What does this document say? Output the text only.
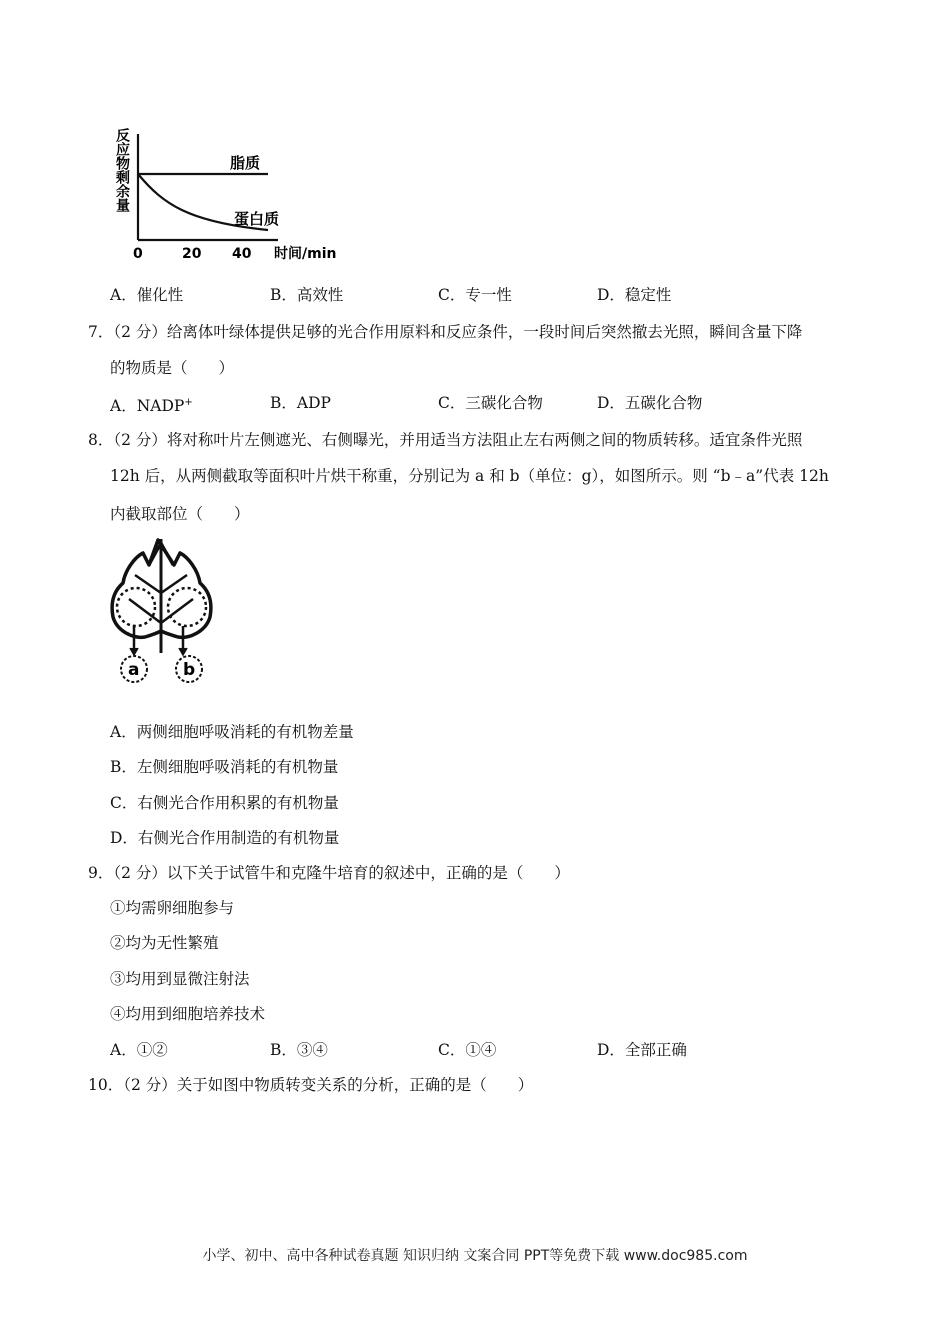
反应物剩余量	脂质
蛋白质
0	20 40 时间/min
A．催化性	B．高效性	C．专一性	D．稳定性
7．（2 分）给离体叶绿体提供足够的光合作用原料和反应条件，一段时间后突然撤去光照，瞬间含量下降
的物质是（　　）
A．NADP+	B．ADP	C．三碳化合物	D．五碳化合物
8．（2 分）将对称叶片左侧遮光、右侧曝光，并用适当方法阻止左右两侧之间的物质转移。适宜条件光照
12h 后，从两侧截取等面积叶片烘干称重，分别记为 a 和 b（单位：g），如图所示。则 “b﹣a”代表 12h
内截取部位（　　）
a	b
A．两侧细胞呼吸消耗的有机物差量
B．左侧细胞呼吸消耗的有机物量
C．右侧光合作用积累的有机物量
D．右侧光合作用制造的有机物量
9．（2 分）以下关于试管牛和克隆牛培育的叙述中，正确的是（　　）
①均需卵细胞参与
②均为无性繁殖
③均用到显微注射法
④均用到细胞培养技术
A．①②	B．③④	C．①④	D．全部正确
10．（2 分）关于如图中物质转变关系的分析，正确的是（　　）
小学、初中、高中各种试卷真题 知识归纳 文案合同 PPT等免费下载 www.doc985.com
